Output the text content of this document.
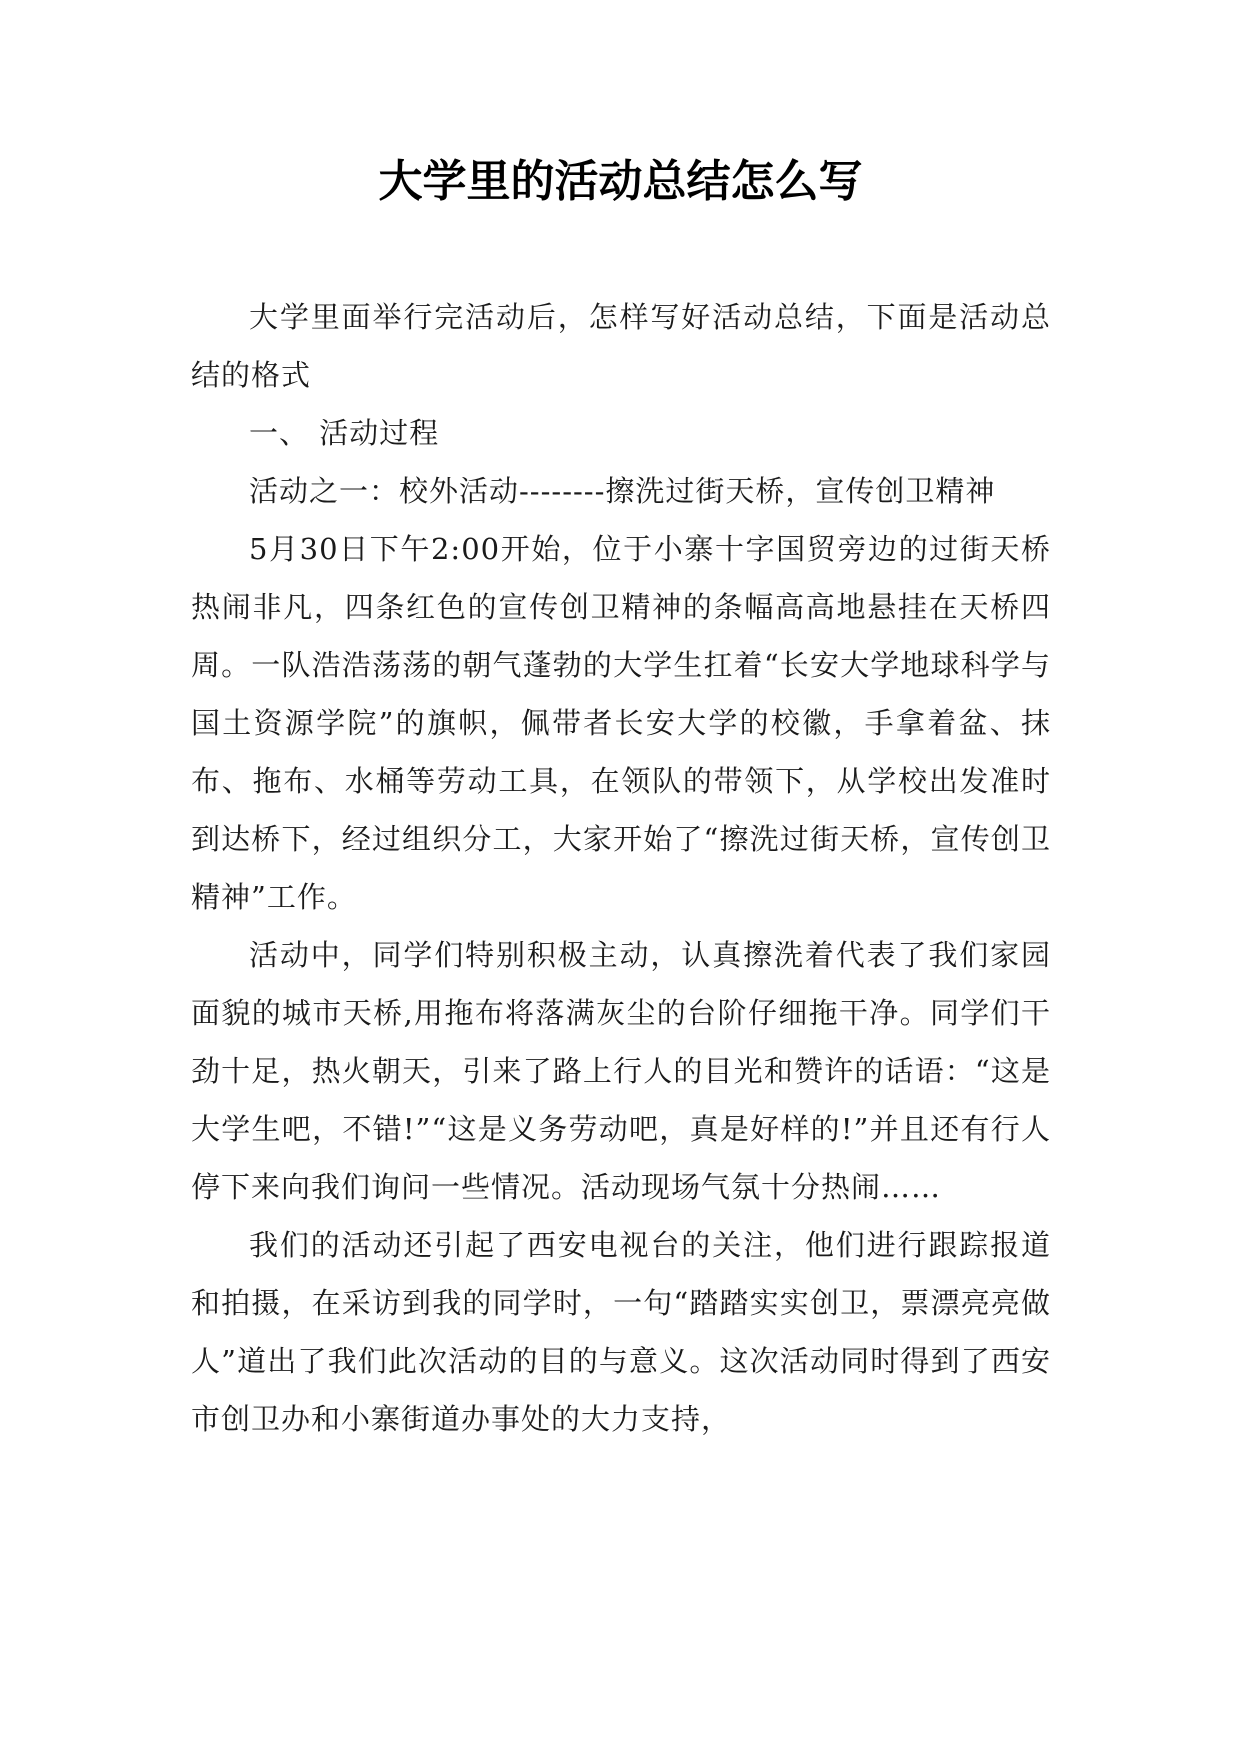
大学里的活动总结怎么写

大学里面举行完活动后，怎样写好活动总结，下面是活动总结的格式

一、 活动过程

活动之一：校外活动--------擦洗过街天桥，宣传创卫精神

5月30日下午2:00开始，位于小寨十字国贸旁边的过街天桥热闹非凡，四条红色的宣传创卫精神的条幅高高地悬挂在天桥四周。一队浩浩荡荡的朝气蓬勃的大学生扛着“长安大学地球科学与国土资源学院”的旗帜，佩带者长安大学的校徽，手拿着盆、抹布、拖布、水桶等劳动工具，在领队的带领下，从学校出发准时到达桥下，经过组织分工，大家开始了“擦洗过街天桥，宣传创卫精神”工作。

活动中，同学们特别积极主动，认真擦洗着代表了我们家园面貌的城市天桥,用拖布将落满灰尘的台阶仔细拖干净。同学们干劲十足，热火朝天，引来了路上行人的目光和赞许的话语：“这是大学生吧，不错!”“这是义务劳动吧，真是好样的!”并且还有行人停下来向我们询问一些情况。活动现场气氛十分热闹……

我们的活动还引起了西安电视台的关注，他们进行跟踪报道和拍摄，在采访到我的同学时，一句“踏踏实实创卫，票漂亮亮做人”道出了我们此次活动的目的与意义。这次活动同时得到了西安市创卫办和小寨街道办事处的大力支持，
